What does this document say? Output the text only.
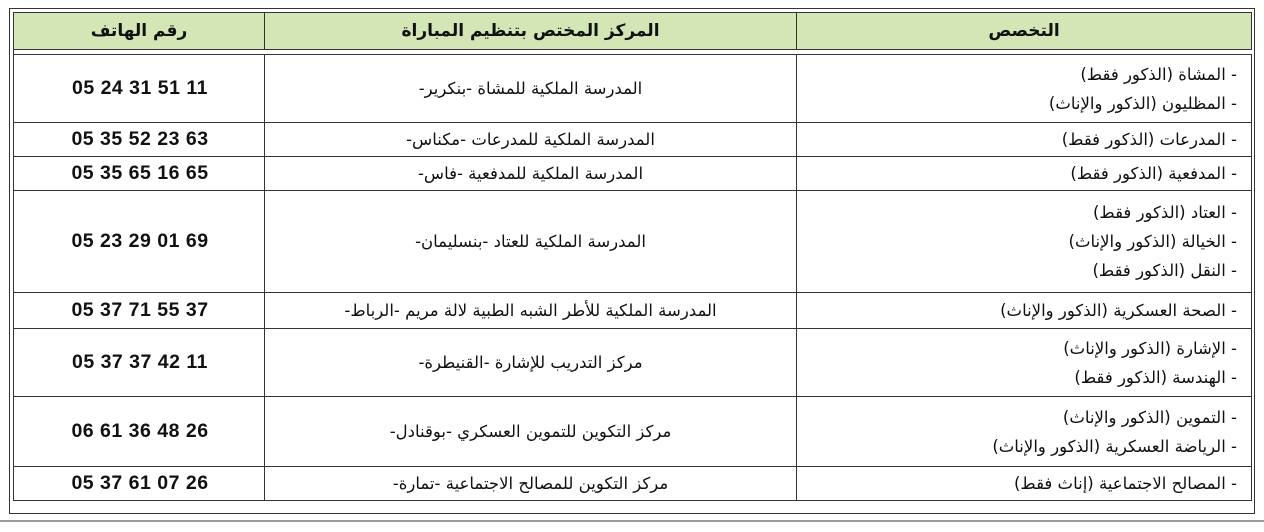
التخصص	المركز المختص بتنظيم المباراة	رقم الهاتف

- المشاة (الذكور فقط)
- المظليون (الذكور والإناث)	المدرسة الملكية للمشاة -بنكرير-	05 24 31 51 11

- المدرعات (الذكور فقط)	المدرسة الملكية للمدرعات -مكناس-	05 35 52 23 63

- المدفعية (الذكور فقط)	المدرسة الملكية للمدفعية -فاس-	05 35 65 16 65

- العتاد (الذكور فقط)
- الخيالة (الذكور والإناث)
- النقل (الذكور فقط)	المدرسة الملكية للعتاد -بنسليمان-	05 23 29 01 69

- الصحة العسكرية (الذكور والإناث)	المدرسة الملكية للأطر الشبه الطبية لالة مريم -الرباط-	05 37 71 55 37

- الإشارة (الذكور والإناث)
- الهندسة (الذكور فقط)	مركز التدريب للإشارة -القنيطرة-	05 37 37 42 11

- التموين (الذكور والإناث)
- الرياضة العسكرية (الذكور والإناث)	مركز التكوين للتموين العسكري -بوقنادل-	06 61 36 48 26

- المصالح الاجتماعية (إناث فقط)	مركز التكوين للمصالح الاجتماعية -تمارة-	05 37 61 07 26
